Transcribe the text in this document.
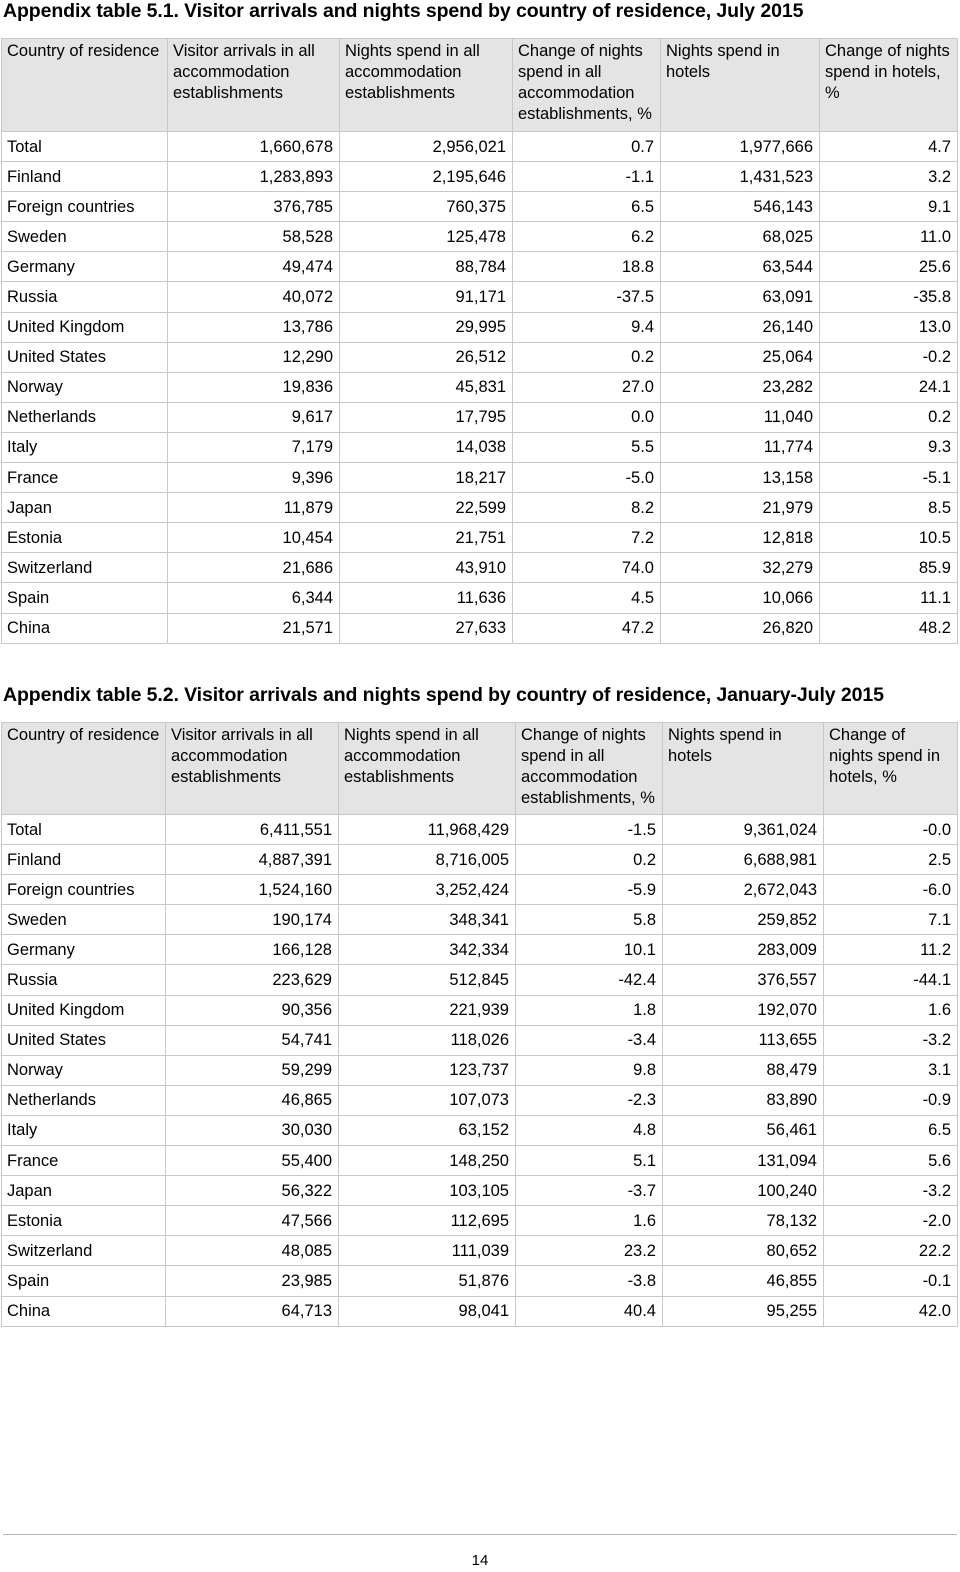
Appendix table 5.1. Visitor arrivals and nights spend by country of residence, July 2015
Country of residence	Visitor arrivals in all accommodation establishments	Nights spend in all accommodation establishments	Change of nights spend in all accommodation establishments, %	Nights spend in hotels	Change of nights spend in hotels, %
Total	1,660,678	2,956,021	0.7	1,977,666	4.7
Finland	1,283,893	2,195,646	-1.1	1,431,523	3.2
Foreign countries	376,785	760,375	6.5	546,143	9.1
Sweden	58,528	125,478	6.2	68,025	11.0
Germany	49,474	88,784	18.8	63,544	25.6
Russia	40,072	91,171	-37.5	63,091	-35.8
United Kingdom	13,786	29,995	9.4	26,140	13.0
United States	12,290	26,512	0.2	25,064	-0.2
Norway	19,836	45,831	27.0	23,282	24.1
Netherlands	9,617	17,795	0.0	11,040	0.2
Italy	7,179	14,038	5.5	11,774	9.3
France	9,396	18,217	-5.0	13,158	-5.1
Japan	11,879	22,599	8.2	21,979	8.5
Estonia	10,454	21,751	7.2	12,818	10.5
Switzerland	21,686	43,910	74.0	32,279	85.9
Spain	6,344	11,636	4.5	10,066	11.1
China	21,571	27,633	47.2	26,820	48.2
Appendix table 5.2. Visitor arrivals and nights spend by country of residence, January-July 2015
Country of residence	Visitor arrivals in all accommodation establishments	Nights spend in all accommodation establishments	Change of nights spend in all accommodation establishments, %	Nights spend in hotels	Change of nights spend in hotels, %
Total	6,411,551	11,968,429	-1.5	9,361,024	-0.0
Finland	4,887,391	8,716,005	0.2	6,688,981	2.5
Foreign countries	1,524,160	3,252,424	-5.9	2,672,043	-6.0
Sweden	190,174	348,341	5.8	259,852	7.1
Germany	166,128	342,334	10.1	283,009	11.2
Russia	223,629	512,845	-42.4	376,557	-44.1
United Kingdom	90,356	221,939	1.8	192,070	1.6
United States	54,741	118,026	-3.4	113,655	-3.2
Norway	59,299	123,737	9.8	88,479	3.1
Netherlands	46,865	107,073	-2.3	83,890	-0.9
Italy	30,030	63,152	4.8	56,461	6.5
France	55,400	148,250	5.1	131,094	5.6
Japan	56,322	103,105	-3.7	100,240	-3.2
Estonia	47,566	112,695	1.6	78,132	-2.0
Switzerland	48,085	111,039	23.2	80,652	22.2
Spain	23,985	51,876	-3.8	46,855	-0.1
China	64,713	98,041	40.4	95,255	42.0
14
